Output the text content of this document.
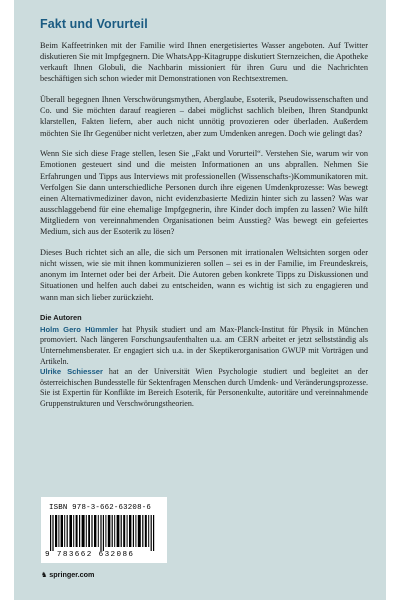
Fakt und Vorurteil

Beim Kaffeetrinken mit der Familie wird Ihnen energetisiertes Wasser angeboten. Auf Twitter diskutieren Sie mit Impfgegnern. Die WhatsApp-Kitagruppe diskutiert Sternzeichen, die Apotheke verkauft Ihnen Globuli, die Nachbarin missioniert für ihren Guru und die Nachrichten beschäftigen sich schon wieder mit Demonstrationen von Rechtsextremen.

Überall begegnen Ihnen Verschwörungsmythen, Aberglaube, Esoterik, Pseudowissenschaften und Co. und Sie möchten darauf reagieren – dabei möglichst sachlich bleiben, Ihren Standpunkt klarstellen, Fakten liefern, aber auch nicht unnötig provozieren oder überladen. Außerdem möchten Sie Ihr Gegenüber nicht verletzen, aber zum Umdenken anregen. Doch wie gelingt das?

Wenn Sie sich diese Frage stellen, lesen Sie „Fakt und Vorurteil“. Verstehen Sie, warum wir von Emotionen gesteuert sind und die meisten Informationen an uns abprallen. Nehmen Sie Erfahrungen und Tipps aus Interviews mit professionellen (Wissenschafts-)Kommunikatoren mit. Verfolgen Sie dann unterschiedliche Personen durch ihre eigenen Umdenkprozesse: Was bewegt einen Alternativmediziner davon, nicht evidenzbasierte Medizin hinter sich zu lassen? Was war ausschlaggebend für eine ehemalige Impfgegnerin, ihre Kinder doch impfen zu lassen? Wie hilft Mitgliedern von vereinnahmenden Organisationen beim Ausstieg? Was bewegt ein gefeiertes Medium, sich aus der Esoterik zu lösen?

Dieses Buch richtet sich an alle, die sich um Personen mit irrationalen Weltsichten sorgen oder nicht wissen, wie sie mit ihnen kommunizieren sollen – sei es in der Familie, im Freundeskreis, anonym im Internet oder bei der Arbeit. Die Autoren geben konkrete Tipps zu Diskussionen und Situationen und helfen auch dabei zu entscheiden, wann es wichtig ist sich zu engagieren und wann man sich lieber zurückzieht.

Die Autoren

Holm Gero Hümmler hat Physik studiert und am Max-Planck-Institut für Physik in München promoviert. Nach längeren Forschungsaufenthalten u.a. am CERN arbeitet er jetzt selbstständig als Unternehmensberater. Er engagiert sich u.a. in der Skeptikerorganisation GWUP mit Vorträgen und Artikeln.

Ulrike Schiesser hat an der Universität Wien Psychologie studiert und begleitet an der österreichischen Bundesstelle für Sektenfragen Menschen durch Umdenk- und Veränderungsprozesse. Sie ist Expertin für Konflikte im Bereich Esoterik, für Personenkulte, autoritäre und vereinnahmende Gruppenstrukturen und Verschwörungstheorien.

ISBN 978-3-662-63208-6
9 783662 632086
♞ springer.com
